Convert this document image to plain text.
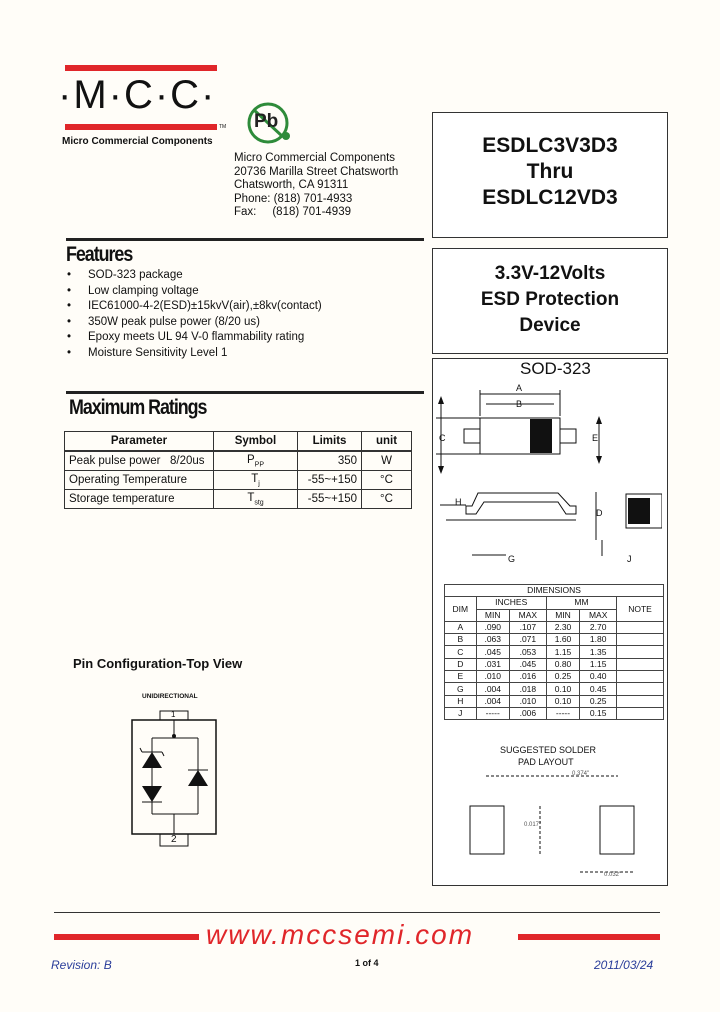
·M·C·C·
TM
Micro Commercial Components
Pb
Micro Commercial Components
20736 Marilla Street Chatsworth
Chatsworth, CA 91311
Phone: (818) 701-4933
Fax:     (818) 701-4939
ESDLC3V3D3
Thru
ESDLC12VD3
3.3V-12Volts
ESD Protection
Device
Features
• SOD-323 package
• Low clamping voltage
• IEC61000-4-2(ESD)±15kvV(air),±8kv(contact)
• 350W peak pulse power (8/20 us)
• Epoxy meets UL 94 V-0 flammability rating
• Moisture Sensitivity Level 1
Maximum Ratings
Parameter	Symbol	Limits	unit
Peak pulse power   8/20us	$P_{PP}$	350	W
Operating Temperature	$T_j$	-55~+150	°C
Storage temperature	$T_{stg}$	-55~+150	°C
Pin Configuration-Top View
UNIDIRECTIONAL
1
2
SOD-323
A
B
C	E
H
D
G	J
DIMENSIONS					
DIM	INCHES		MM		NOTE
	MIN	MAX	MIN	MAX	
A	.090	.107	2.30	2.70	
B	.063	.071	1.60	1.80	
C	.045	.053	1.15	1.35	
D	.031	.045	0.80	1.15	
E	.010	.016	0.25	0.40	
G	.004	.018	0.10	0.45	
H	.004	.010	0.10	0.25	
J	-----	.006	-----	0.15	
SUGGESTED SOLDER
PAD LAYOUT
0.374"
0.017"
0.032"
www.mccsemi.com
Revision: B	1 of 4	2011/03/24
